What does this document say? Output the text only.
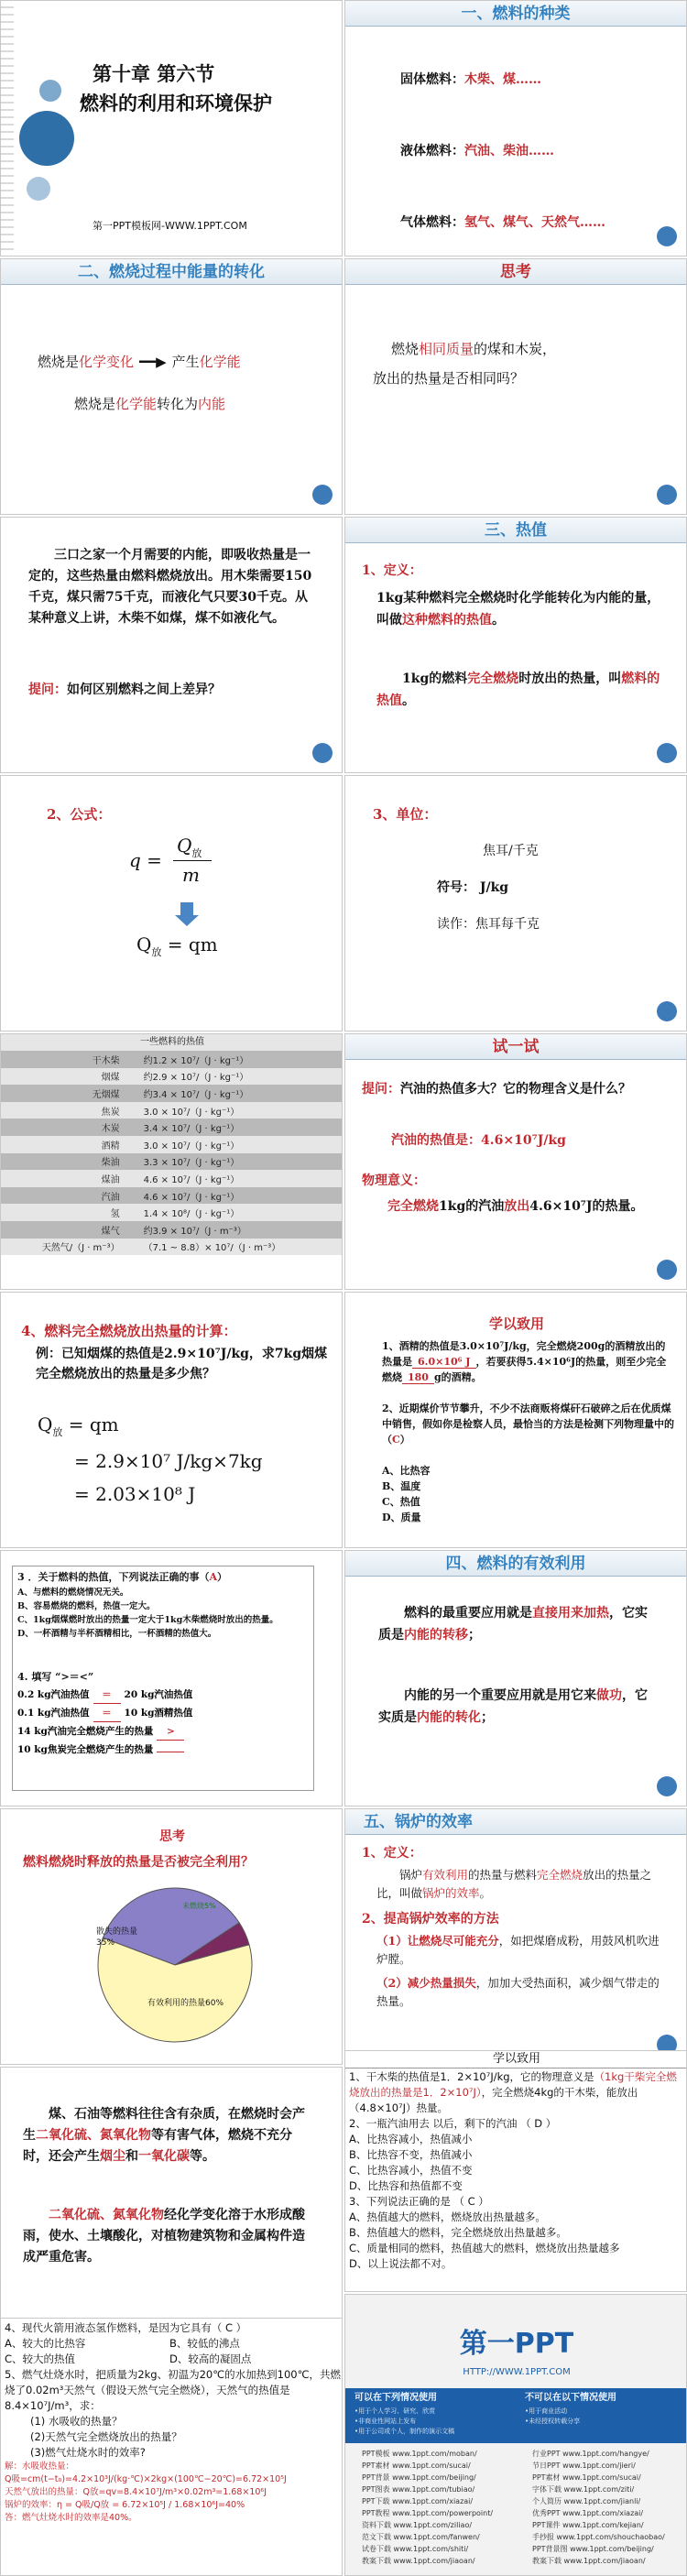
第十章 第六节
燃料的利用和环境保护
第一PPT模板网-WWW.1PPT.COM
一、燃料的种类
固体燃料：木柴、煤……
液体燃料：汽油、柴油……
气体燃料：氢气、煤气、天然气……
二、燃烧过程中能量的转化
燃烧是化学变化 ━━▶ 产生化学能
燃烧是化学能转化为内能
思考
燃烧相同质量的煤和木炭，
放出的热量是否相同吗？
三口之家一个月需要的内能，即吸收热量是一定的，这些热量由燃料燃烧放出。用木柴需要150千克，煤只需75千克，而液化气只要30千克。从某种意义上讲，木柴不如煤，煤不如液化气。
提问：如何区别燃料之间上差异？
三、热值
1、定义：
1kg某种燃料完全燃烧时化学能转化为内能的量，叫做这种燃料的热值。
1kg的燃料完全燃烧时放出的热量，叫燃料的热值。
2、公式：
q =
$Q_放$
m
$Q_放$ = qm
3、单位：
焦耳/千克
符号： J/kg
读作：焦耳每千克
一些燃料的热值
干木柴	约1.2 × 10⁷/（J · kg⁻¹）
烟煤	约2.9 × 10⁷/（J · kg⁻¹）
无烟煤	约3.4 × 10⁷/（J · kg⁻¹）
焦炭	3.0 × 10⁷/（J · kg⁻¹）
木炭	3.4 × 10⁷/（J · kg⁻¹）
酒精	3.0 × 10⁷/（J · kg⁻¹）
柴油	3.3 × 10⁷/（J · kg⁻¹）
煤油	4.6 × 10⁷/（J · kg⁻¹）
汽油	4.6 × 10⁷/（J · kg⁻¹）
氢	1.4 × 10⁸/（J · kg⁻¹）
煤气	约3.9 × 10⁷/（J · m⁻³）
天然气/（J · m⁻³）	（7.1 ~ 8.8）× 10⁷/（J · m⁻³）
试一试
提问：汽油的热值多大？它的物理含义是什么？
汽油的热值是：4.6×10⁷J/kg
物理意义：
完全燃烧1kg的汽油放出4.6×10⁷J的热量。
4、燃料完全燃烧放出热量的计算：
例：已知烟煤的热值是2.9×10⁷J/kg，求7kg烟煤完全燃烧放出的热量是多少焦？
$Q_放$ = qm
= 2.9×10⁷ J/kg×7kg
= 2.03×10⁸ J
学以致用
1、酒精的热值是3.0×10⁷J/kg，完全燃烧200g的酒精放出的热量是 6.0×10⁶ J ，若要获得5.4×10⁶J的热量，则至少完全燃烧 180 g的酒精。
2、近期煤价节节攀升，不少不法商贩将煤矸石破碎之后在优质煤中销售，假如你是检察人员，最恰当的方法是检测下列物理量中的（C）
A、比热容
B、温度
C、热值
D、质量
3 ．关于燃料的热值，下列说法正确的事（A）
A、与燃料的燃烧情况无关。
B、容易燃烧的燃料，热值一定大。
C、1kg烟煤燃时放出的热量一定大于1kg木柴燃烧时放出的热量。
D、一杯酒精与半杯酒精相比，一杯酒精的热值大。
4. 填写 “>＝<”
0.2 kg汽油热值 ＝ 20 kg汽油热值
0.1 kg汽油热值 ＝ 10 kg酒精热值
14 kg汽油完全燃烧产生的热量 >
10 kg焦炭完全燃烧产生的热量
四、燃料的有效利用
燃料的最重要应用就是直接用来加热，它实质是内能的转移；
内能的另一个重要应用就是用它来做功，它实质是内能的转化；
思考
燃料燃烧时释放的热量是否被完全利用？
散失的热量35%
未燃烧5%
有效利用的热量60%
五、锅炉的效率
1、定义：
锅炉有效利用的热量与燃料完全燃烧放出的热量之比，叫做锅炉的效率。
2、提高锅炉效率的方法
（1）让燃烧尽可能充分，如把煤磨成粉，用鼓风机吹进炉膛。
（2）减少热量损失，加加大受热面积，减少烟气带走的热量。
煤、石油等燃料往往含有杂质，在燃烧时会产生二氧化硫、氮氧化物等有害气体，燃烧不充分时，还会产生烟尘和一氧化碳等。
二氧化硫、氮氧化物经化学变化溶于水形成酸雨，使水、土壤酸化，对植物建筑物和金属构件造成严重危害。
学以致用
1、干木柴的热值是1．2×10⁷J/kg，它的物理意义是（1kg干柴完全燃烧放出的热量是1．2×10⁷J），完全燃烧4kg的干木柴，能放出（4.8×10⁷J）热量。
2、一瓶汽油用去 以后，剩下的汽油 （ D ）
A、比热容减小，热值减小
B、比热容不变，热值减小
C、比热容减小，热值不变
D、比热容和热值都不变
3、下列说法正确的是 （ C ）
A、热值越大的燃料，燃烧放出热量越多。
B、热值越大的燃料，完全燃烧放出热量越多。
C、质量相同的燃料，热值越大的燃料，燃烧放出热量越多
D、以上说法都不对。
4、现代火箭用液态氢作燃料，是因为它具有（ C ）
A、较大的比热容	B、较低的沸点
C、较大的热值	D、较高的凝固点
5、燃气灶烧水时，把质量为2kg、初温为20℃的水加热到100℃，共燃烧了0.02m³天然气（假设天然气完全燃烧），天然气的热值是8.4×10⁷J/m³，求：
(1) 水吸收的热量？
(2)天然气完全燃烧放出的热量？
(3)燃气灶烧水时的效率?
解：水吸收热量：
Q吸=cm(t−t₀)=4.2×10³J/(kg·℃)×2kg×(100℃−20℃)=6.72×10⁵J
天然气放出的热量：Q放=qv=8.4×10⁷J/m³×0.02m³=1.68×10⁶J
锅炉的效率：η = Q吸/Q放 = 6.72×10⁵J / 1.68×10⁶J=40%
答：燃气灶烧水时的效率是40%。
第一PPT
HTTP://WWW.1PPT.COM
可以在下列情况使用
•用于个人学习、研究、欣赏
•非商业性网站上发布
•用于公司或个人，制作的演示文稿
不可以在以下情况使用
•用于商业活动
•未经授权转载分享
PPT模板 www.1ppt.com/moban/
PPT素材 www.1ppt.com/sucai/
PPT背景 www.1ppt.com/beijing/
PPT图表 www.1ppt.com/tubiao/
PPT下载 www.1ppt.com/xiazai/
PPT教程 www.1ppt.com/powerpoint/
资料下载 www.1ppt.com/ziliao/
范文下载 www.1ppt.com/fanwen/
试卷下载 www.1ppt.com/shiti/
教案下载 www.1ppt.com/jiaoan/
行业PPT www.1ppt.com/hangye/
节日PPT www.1ppt.com/jieri/
PPT素材 www.1ppt.com/sucai/
字体下载 www.1ppt.com/ziti/
个人简历 www.1ppt.com/jianli/
优秀PPT www.1ppt.com/xiazai/
PPT课件 www.1ppt.com/kejian/
手抄报 www.1ppt.com/shouchaobao/
PPT背景图 www.1ppt.com/beijing/
教案下载 www.1ppt.com/jiaoan/
